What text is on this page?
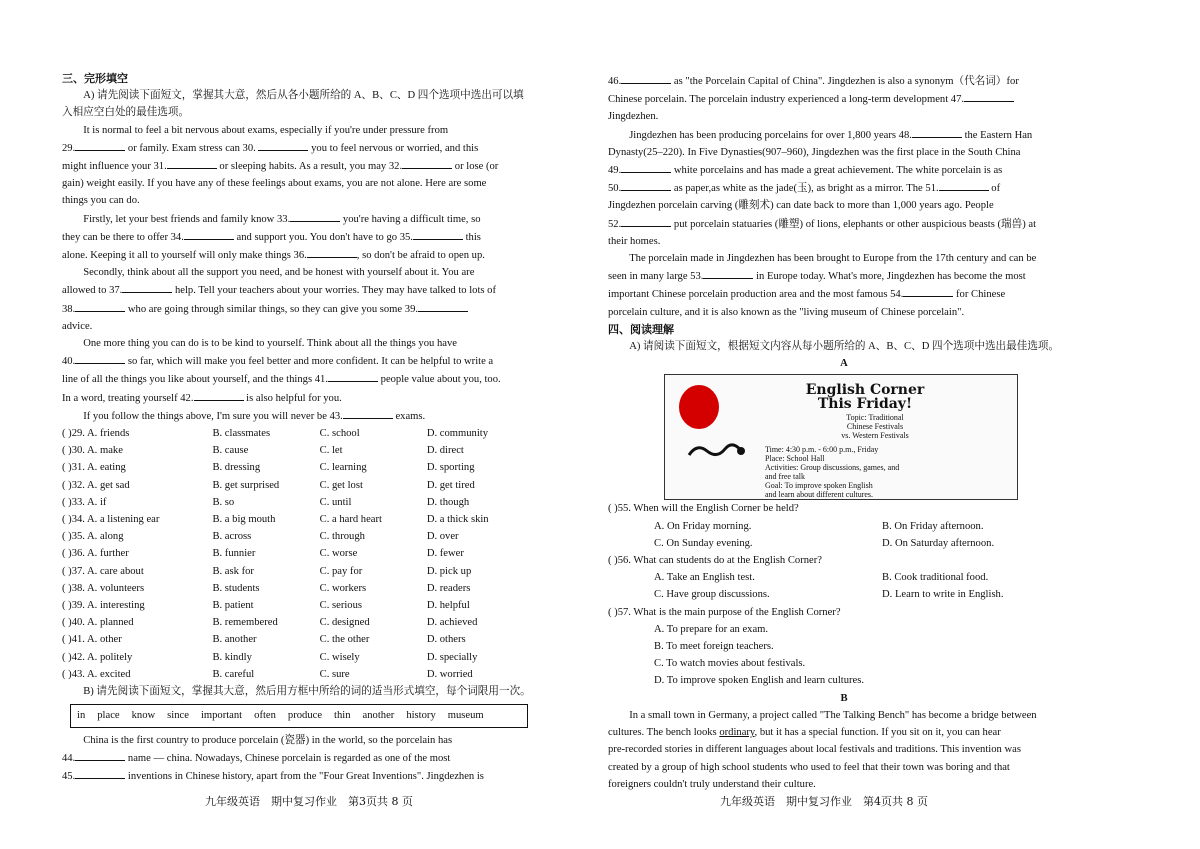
三、完形填空

A) 请先阅读下面短文，掌握其大意，然后从各小题所给的 A、B、C、D 四个选项中选出可以填入相应空白处的最佳选项。

It is normal to feel a bit nervous about exams, especially if you're under pressure from

29.	or family. Exam stress can 30.	you to feel nervous or worried, and this

might influence your 31.	or sleeping habits. As a result, you may 32.	or lose (or

gain) weight easily. If you have any of these feelings about exams, you are not alone. Here are some

things you can do.

Firstly, let your best friends and family know 33.	you're having a difficult time, so

they can be there to offer 34.	and support you. You don't have to go 35.	this

alone. Keeping it all to yourself will only make things 36.	, so don't be afraid to open up.

Secondly, think about all the support you need, and be honest with yourself about it. You are

allowed to 37.	help. Tell your teachers about your worries. They may have talked to lots of

38.	who are going through similar things, so they can give you some 39.

advice.

One more thing you can do is to be kind to yourself. Think about all the things you have

40.	so far, which will make you feel better and more confident. It can be helpful to write a

line of all the things you like about yourself, and the things 41.	people value about you, too.

In a word, treating yourself 42.	is also helpful for you.

If you follow the things above, I'm sure you will never be 43.	exams.

( )29. A. friends	B. classmates	C. school	D. community
( )30. A. make	B. cause	C. let	D. direct
( )31. A. eating	B. dressing	C. learning	D. sporting
( )32. A. get sad	B. get surprised	C. get lost	D. get tired
( )33. A. if	B. so	C. until	D. though
( )34. A. a listening ear	B. a big mouth	C. a hard heart	D. a thick skin
( )35. A. along	B. across	C. through	D. over
( )36. A. further	B. funnier	C. worse	D. fewer
( )37. A. care about	B. ask for	C. pay for	D. pick up
( )38. A. volunteers	B. students	C. workers	D. readers
( )39. A. interesting	B. patient	C. serious	D. helpful
( )40. A. planned	B. remembered	C. designed	D. achieved
( )41. A. other	B. another	C. the other	D. others
( )42. A. politely	B. kindly	C. wisely	D. specially
( )43. A. excited	B. careful	C. sure	D. worried

B) 请先阅读下面短文，掌握其大意，然后用方框中所给的词的适当形式填空，每个词限用一次。

in place know since important often produce thin another history museum

China is the first country to produce porcelain (瓷器) in the world, so the porcelain has

44.	name — china. Nowadays, Chinese porcelain is regarded as one of the most

45.	inventions in Chinese history, apart from the "Four Great Inventions". Jingdezhen is

九年级英语　期中复习作业　第3页共 8 页

46.	as "the Porcelain Capital of China". Jingdezhen is also a synonym（代名词）for

Chinese porcelain. The porcelain industry experienced a long-term development 47.

Jingdezhen.

Jingdezhen has been producing porcelains for over 1,800 years 48.	the Eastern Han

Dynasty(25–220). In Five Dynasties(907–960), Jingdezhen was the first place in the South China

49.	white porcelains and has made a great achievement. The white porcelain is as

50.	as paper,as white as the jade(玉), as bright as a mirror. The 51.	of

Jingdezhen porcelain carving (雕刻术) can date back to more than 1,000 years ago. People

52.	put porcelain statuaries (雕塑) of lions, elephants or other auspicious beasts (瑞兽) at

their homes.

The porcelain made in Jingdezhen has been brought to Europe from the 17th century and can be

seen in many large 53.	in Europe today. What's more, Jingdezhen has become the most

important Chinese porcelain production area and the most famous 54.	for Chinese

porcelain culture, and it is also known as the "living museum of Chinese porcelain".

四、阅读理解

A) 请阅读下面短文，根据短文内容从每小题所给的 A、B、C、D 四个选项中选出最佳选项。

A

English Corner
This Friday!
Topic: Traditional
Chinese Festivals
vs. Western Festivals
Time: 4:30 p.m. - 6:00 p.m., Friday
Place: School Hall
Activities: Group discussions, games, and
and free talk
Goal: To improve spoken English
and learn about different cultures.

( )55. When will the English Corner be held?

A. On Friday morning.	B. On Friday afternoon.
C. On Sunday evening.	D. On Saturday afternoon.

( )56. What can students do at the English Corner?

A. Take an English test.	B. Cook traditional food.
C. Have group discussions.	D. Learn to write in English.

( )57. What is the main purpose of the English Corner?

A. To prepare for an exam.

B. To meet foreign teachers.

C. To watch movies about festivals.

D. To improve spoken English and learn cultures.

B

In a small town in Germany, a project called "The Talking Bench" has become a bridge between

cultures. The bench looks ordinary, but it has a special function. If you sit on it, you can hear

pre-recorded stories in different languages about local festivals and traditions. This invention was

created by a group of high school students who used to feel that their town was boring and that

foreigners couldn't truly understand their culture.

九年级英语　期中复习作业　第4页共 8 页
